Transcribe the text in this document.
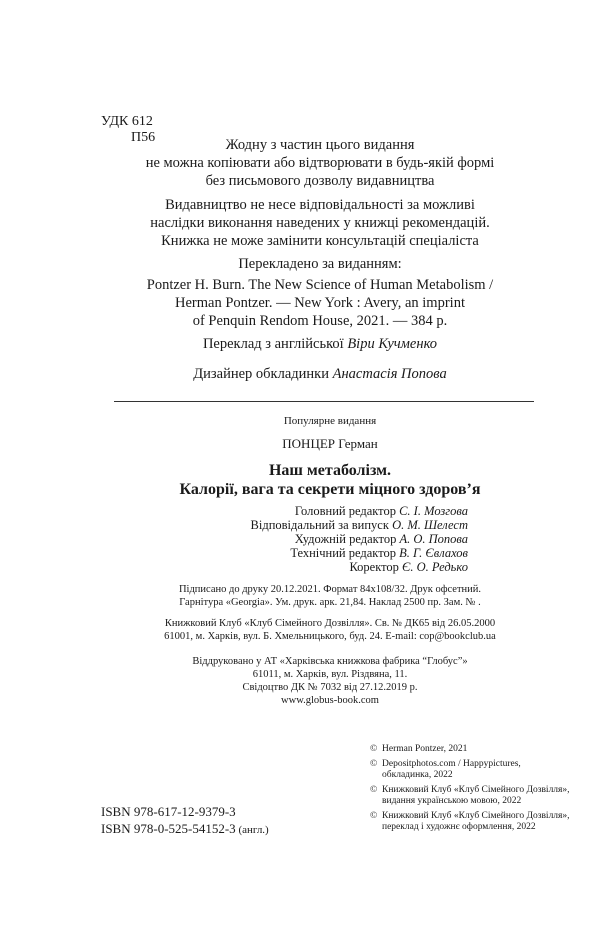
УДК 612
П56	Жодну з частин цього видання
не можна копіювати або відтворювати в будь-якій формі
без письмового дозволу видавництва
Видавництво не несе відповідальності за можливі
наслідки виконання наведених у книжці рекомендацій.
Книжка не може замінити консультацій спеціаліста
Перекладено за виданням:
Pontzer H. Burn. The New Science of Human Metabolism /
Herman Pontzer. — New York : Avery, an imprint
of Penquin Rendom House, 2021. — 384 p.
Переклад з англійської Віри Кучменко
Дизайнер обкладинки Анастасія Попова
Популярне видання
ПОНЦЕР Герман
Наш метаболізм.
Калорії, вага та секрети міцного здоров’я
Головний редактор С. І. Мозгова
Відповідальний за випуск О. М. Шелест
Художній редактор А. О. Попова
Технічний редактор В. Г. Євлахов
Коректор Є. О. Редько
Підписано до друку 20.12.2021. Формат 84х108/32. Друк офсетний.
Гарнітура «Georgia». Ум. друк. арк. 21,84. Наклад 2500 пр. Зам. № .
Книжковий Клуб «Клуб Сімейного Дозвілля». Св. № ДК65 від 26.05.2000
61001, м. Харків, вул. Б. Хмельницького, буд. 24. E-mail: cop@bookclub.ua
Віддруковано у АТ «Харківська книжкова фабрика “Глобус”»
61011, м. Харків, вул. Різдвяна, 11.
Свідоцтво ДК № 7032 від 27.12.2019 р.
www.globus-book.com
ISBN 978-617-12-9379-3
ISBN 978-0-525-54152-3 (англ.)
© Herman Pontzer, 2021
© Depositphotos.com / Happypictures, обкладинка, 2022
© Книжковий Клуб «Клуб Сімейного Дозвілля», видання українською мовою, 2022
© Книжковий Клуб «Клуб Сімейного Дозвілля», переклад і художнє оформлення, 2022
